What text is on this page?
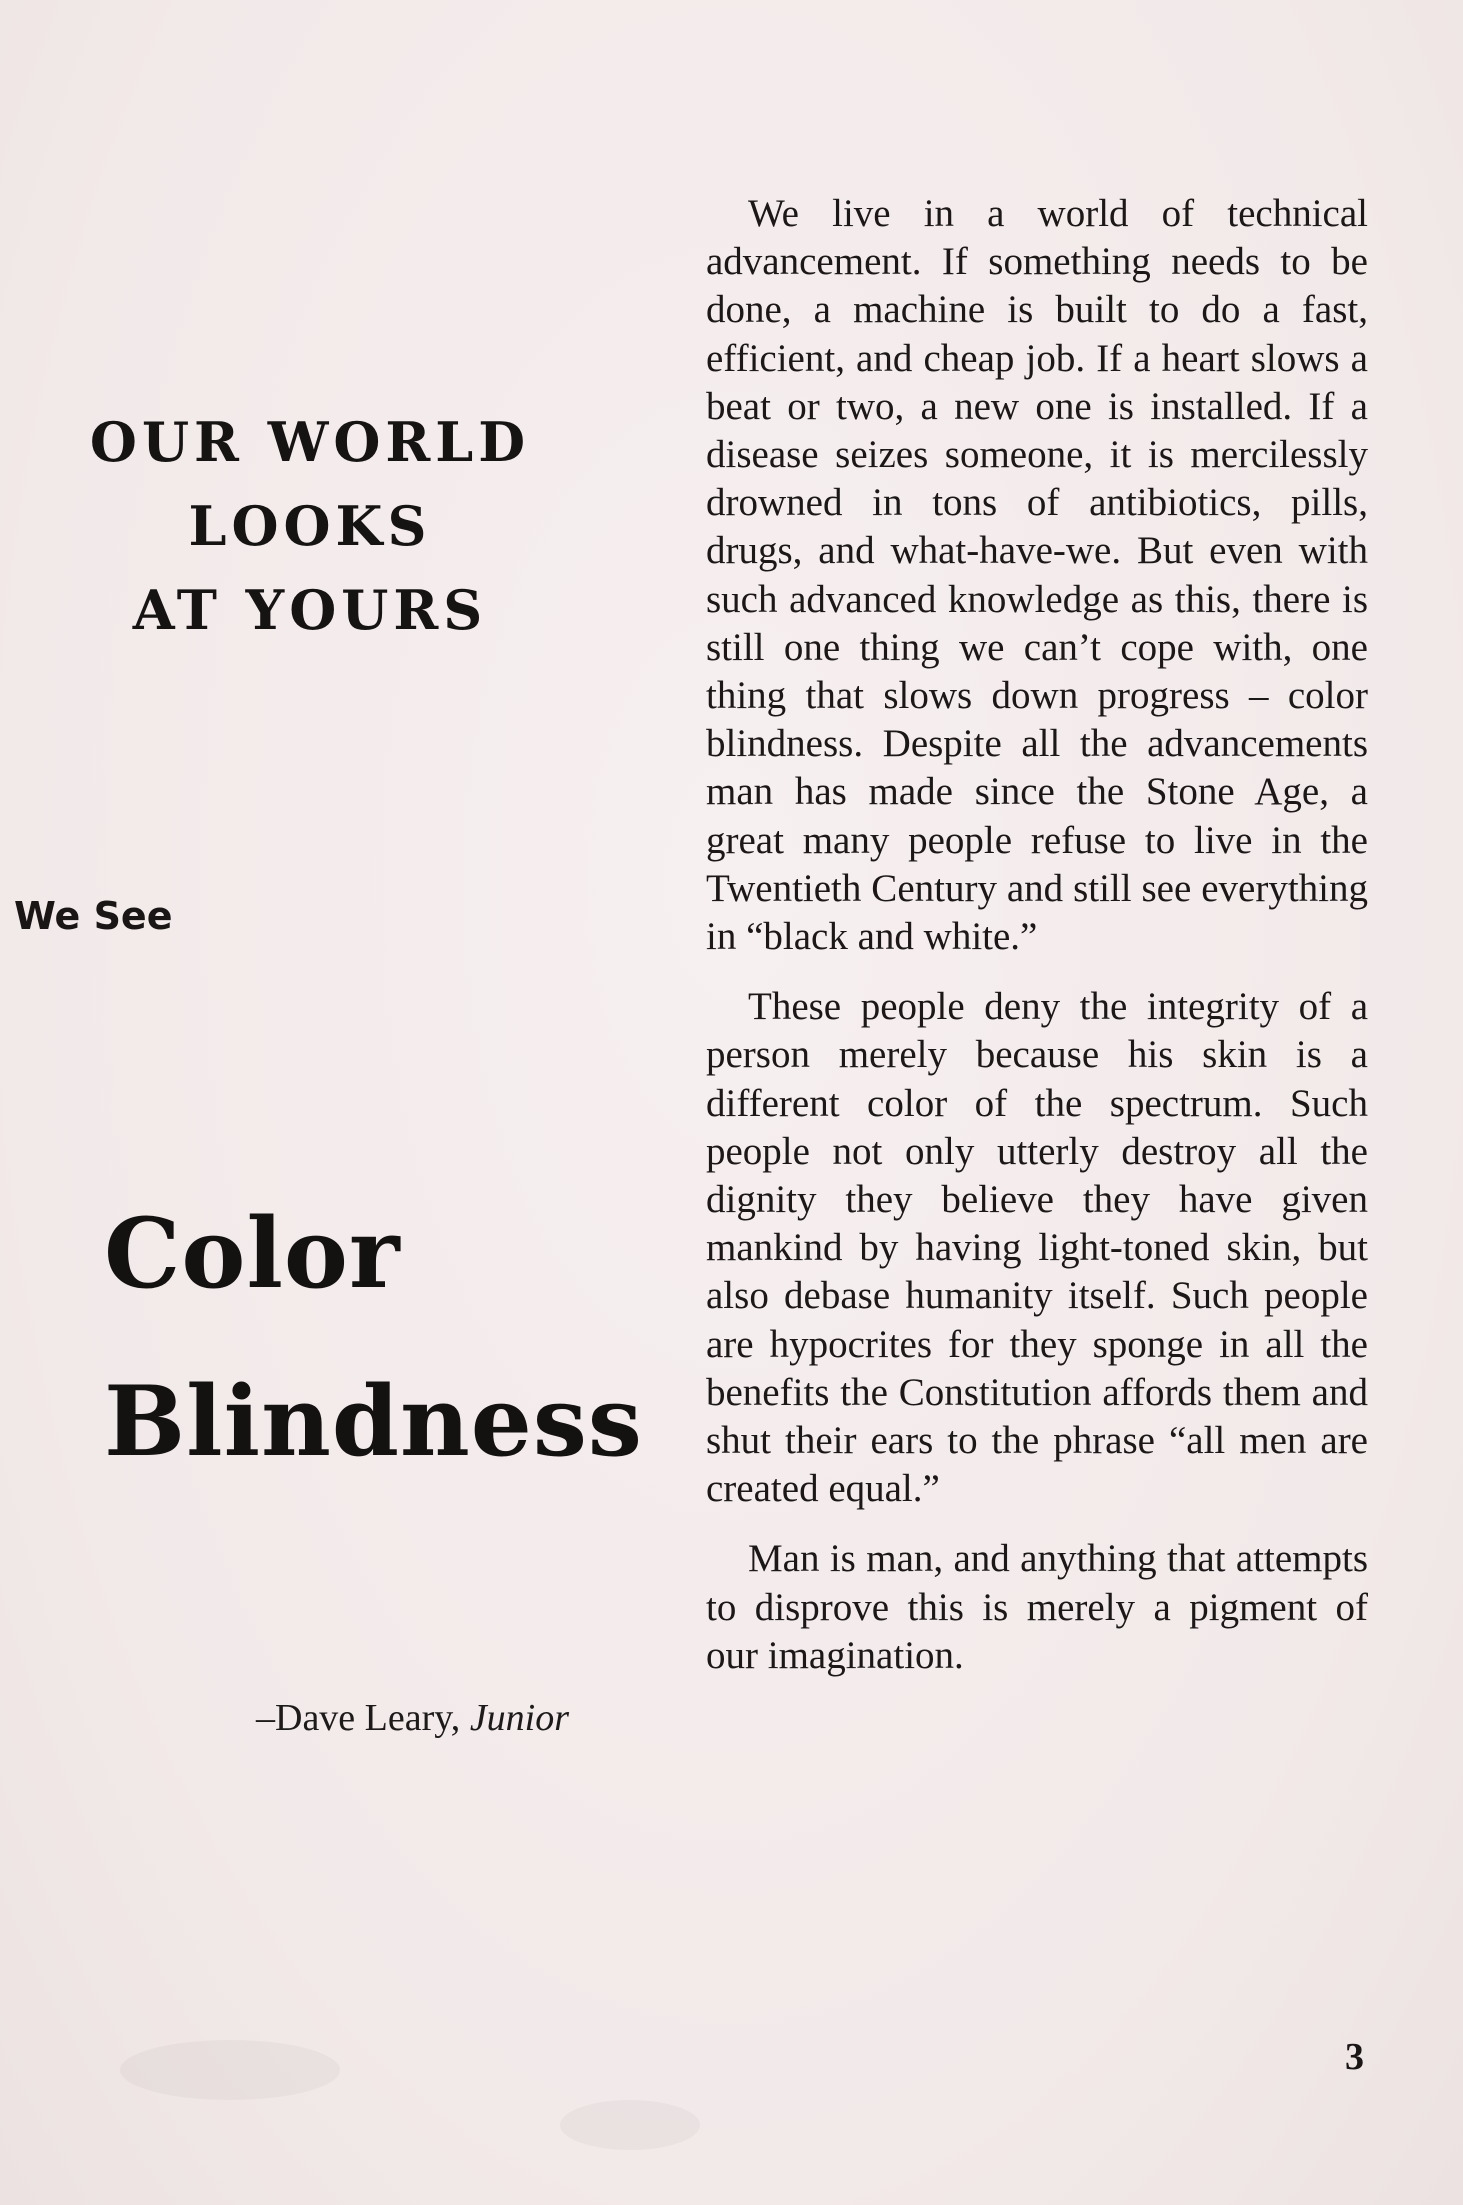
OUR WORLD
LOOKS
AT YOURS
We See
Color
Blindness
–Dave Leary, Junior

We live in a world of technical advancement. If something needs to be done, a machine is built to do a fast, efficient, and cheap job. If a heart slows a beat or two, a new one is installed. If a disease seizes someone, it is mercilessly drowned in tons of antibiotics, pills, drugs, and what-have-we. But even with such advanced knowledge as this, there is still one thing we can’t cope with, one thing that slows down progress – color blindness. Despite all the advancements man has made since the Stone Age, a great many people refuse to live in the Twentieth Century and still see everything in “black and white.”

These people deny the integrity of a person merely because his skin is a different color of the spectrum. Such people not only utterly destroy all the dignity they believe they have given mankind by having light-toned skin, but also debase humanity itself. Such people are hypocrites for they sponge in all the benefits the Constitution affords them and shut their ears to the phrase “all men are created equal.”

Man is man, and anything that attempts to disprove this is merely a pigment of our imagination.

3
